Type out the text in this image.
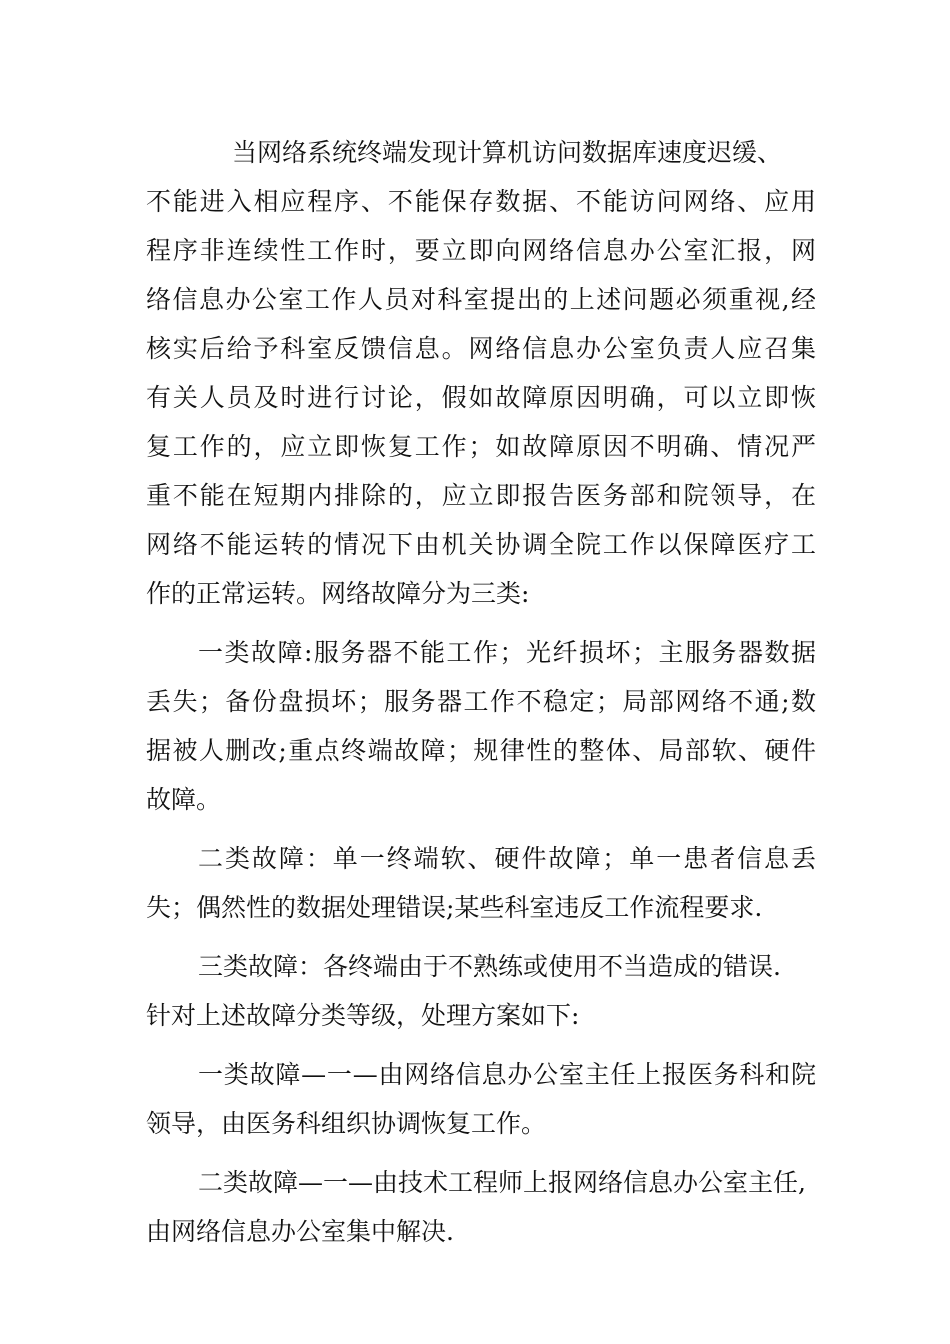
当网络系统终端发现计算机访问数据库速度迟缓、
不能进入相应程序、不能保存数据、不能访问网络、应用
程序非连续性工作时，要立即向网络信息办公室汇报，网
络信息办公室工作人员对科室提出的上述问题必须重视,经
核实后给予科室反馈信息。网络信息办公室负责人应召集
有关人员及时进行讨论，假如故障原因明确，可以立即恢
复工作的，应立即恢复工作；如故障原因不明确、情况严
重不能在短期内排除的，应立即报告医务部和院领导，在
网络不能运转的情况下由机关协调全院工作以保障医疗工
作的正常运转。网络故障分为三类:
一类故障:服务器不能工作；光纤损坏；主服务器数据
丢失；备份盘损坏；服务器工作不稳定；局部网络不通;数
据被人删改;重点终端故障；规律性的整体、局部软、硬件
故障。
二类故障：单一终端软、硬件故障；单一患者信息丢
失；偶然性的数据处理错误;某些科室违反工作流程要求.
三类故障：各终端由于不熟练或使用不当造成的错误.
针对上述故障分类等级，处理方案如下:
一类故障—一—由网络信息办公室主任上报医务科和院
领导，由医务科组织协调恢复工作。
二类故障—一—由技术工程师上报网络信息办公室主任,
由网络信息办公室集中解决.
